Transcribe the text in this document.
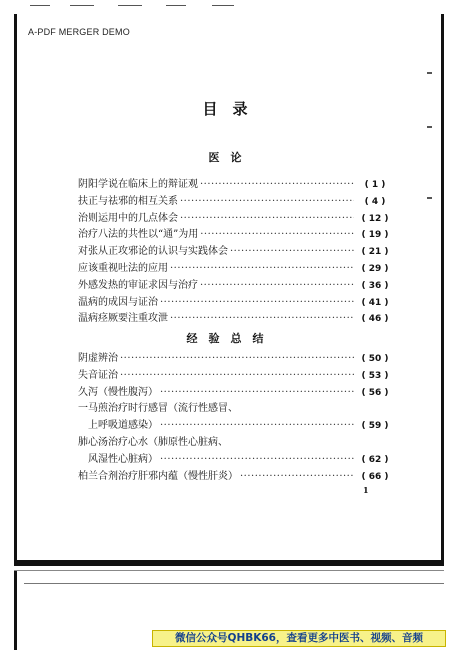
A-PDF MERGER DEMO
目　录
医　论
阴阳学说在临床上的辩证观 ·····	( 1 )
扶正与祛邪的相互关系 ·····	( 4 )
治则运用中的几点体会 ·····	( 12 )
治疗八法的共性以“通”为用 ·····	( 19 )
对张从正攻邪论的认识与实践体会 ·····	( 21 )
应该重视吐法的应用 ·····	( 29 )
外感发热的审证求因与治疗 ·····	( 36 )
温病的成因与证治 ·····	( 41 )
温病痉厥要注重攻泄 ·····	( 46 )
经　验　总　结
阴虚辨治 ·····	( 50 )
失音证治 ·····	( 53 )
久泻（慢性腹泻） ·····	( 56 )
一马煎治疗时行感冒（流行性感冒、
　上呼吸道感染） ·····	( 59 )
肺心汤治疗心水（肺原性心脏病、
　风湿性心脏病） ·····	( 62 )
柏兰合剂治疗肝邪内蕴（慢性肝炎） ·····	( 66 )
1
微信公众号QHBK66，查看更多中医书、视频、音频
